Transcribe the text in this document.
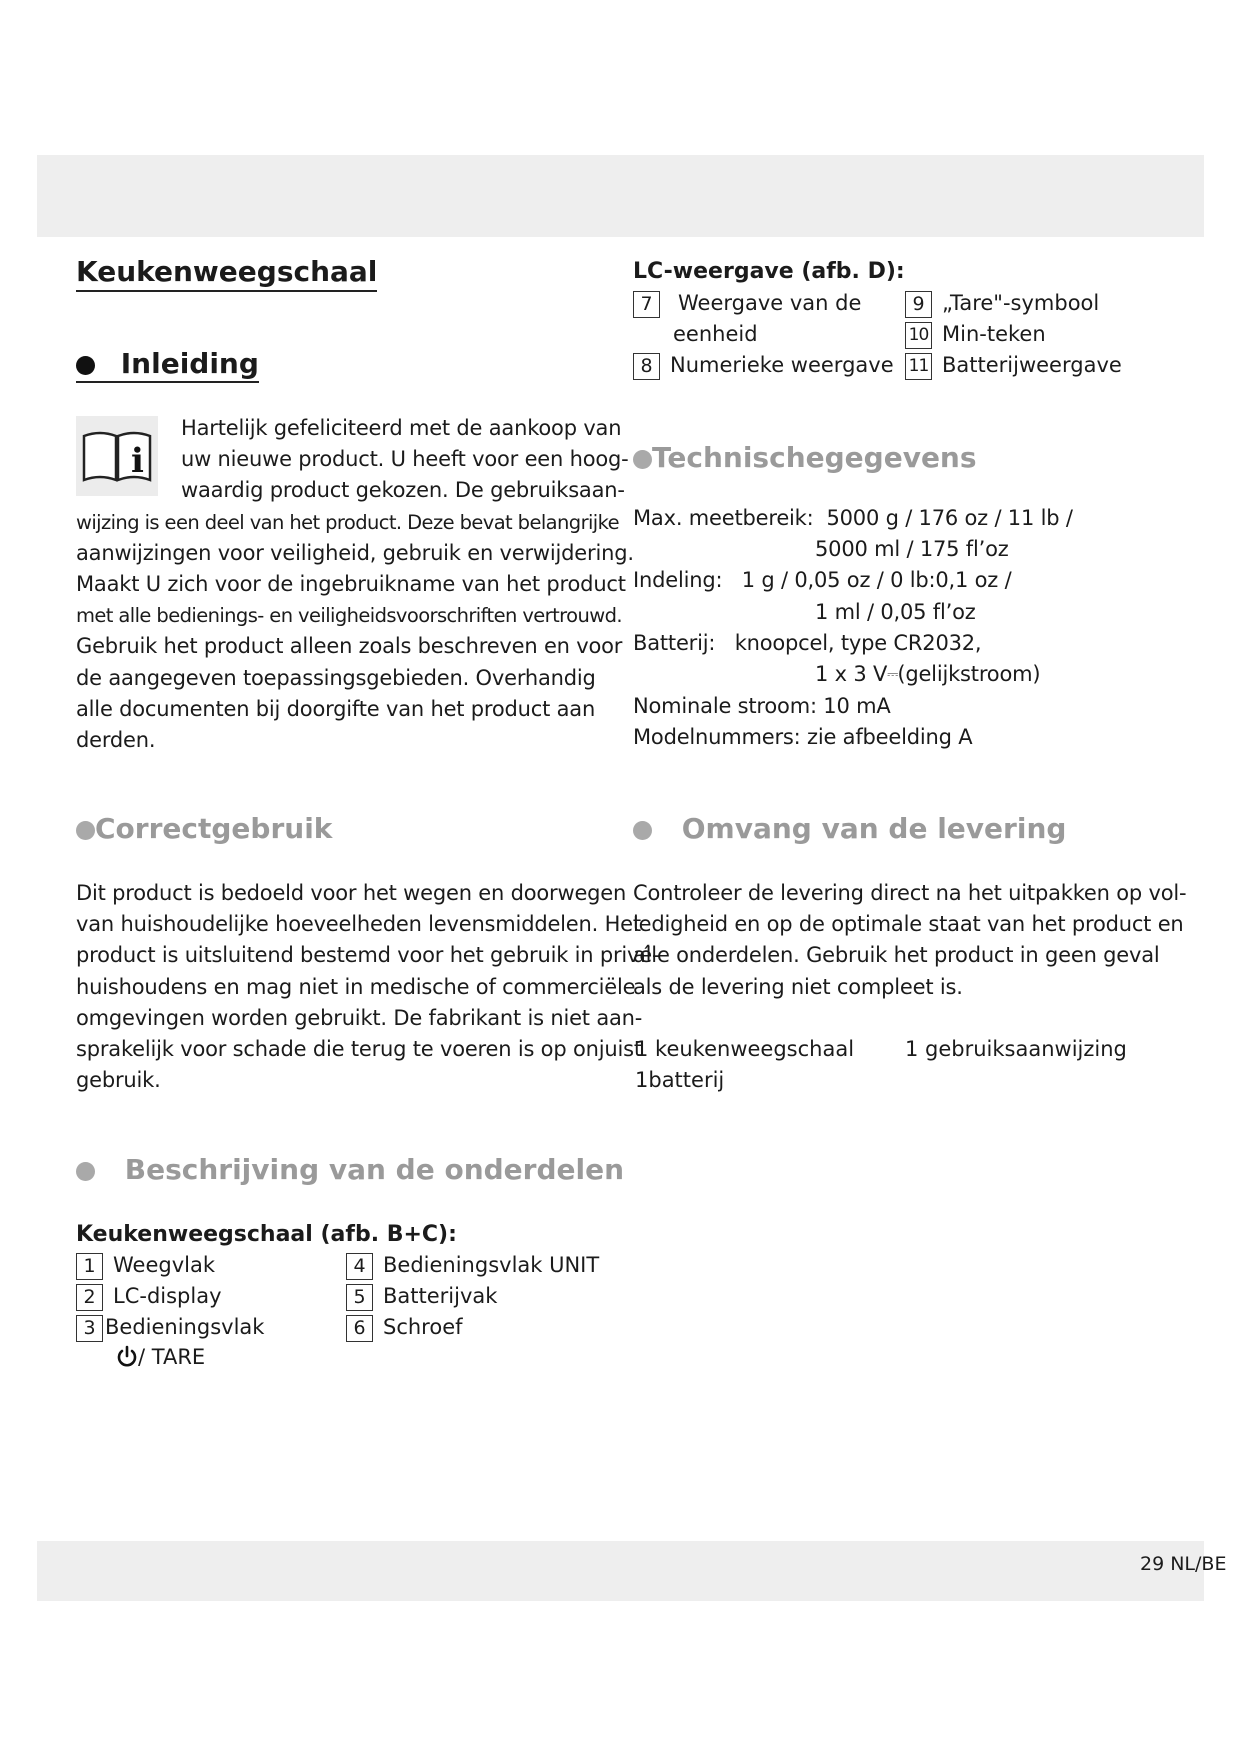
Keukenweegschaal
Inleiding
i

Hartelijk gefeliciteerd met de aankoop van

uw nieuwe product. U heeft voor een hoog-

waardig product gekozen. De gebruiksaan-

wijzing is een deel van het product. Deze bevat belangrijke

aanwijzingen voor veiligheid, gebruik en verwijdering.

Maakt U zich voor de ingebruikname van het product

met alle bedienings- en veiligheidsvoorschriften vertrouwd.

Gebruik het product alleen zoals beschreven en voor

de aangegeven toepassingsgebieden. Overhandig

alle documenten bij doorgifte van het product aan

derden.

Correctgebruik

Dit product is bedoeld voor het wegen en doorwegen

van huishoudelijke hoeveelheden levensmiddelen. Het

product is uitsluitend bestemd voor het gebruik in privé-

huishoudens en mag niet in medische of commerciële

omgevingen worden gebruikt. De fabrikant is niet aan-

sprakelijk voor schade die terug te voeren is op onjuist

gebruik.

Beschrijving van de onderdelen
Keukenweegschaal (afb. B+C):
1 Weegvlak
2 LC-display
3 Bedieningsvlak
/ TARE
4 Bedieningsvlak UNIT
5 Batterijvak
6 Schroef
LC-weergave (afb. D):
7 Weergave van de
eenheid
8 Numerieke weergave
9 „Tare"-symbool
10 Min-teken
11 Batterijweergave
Technischegegevens

Max. meetbereik: 5000 g / 176 oz / 11 lb /

5000 ml / 175 fl’oz

Indeling: 1 g / 0,05 oz / 0 lb:0,1 oz /

1 ml / 0,05 fl’oz

Batterij: knoopcel, type CR2032,

1 x 3 V⎓(gelijkstroom)

Nominale stroom: 10 mA

Modelnummers: zie afbeelding A

Omvang van de levering

Controleer de levering direct na het uitpakken op vol-

ledigheid en op de optimale staat van het product en

alle onderdelen. Gebruik het product in geen geval

als de levering niet compleet is.

1 keukenweegschaal 1 gebruiksaanwijzing
1batterij
29 NL/BE
